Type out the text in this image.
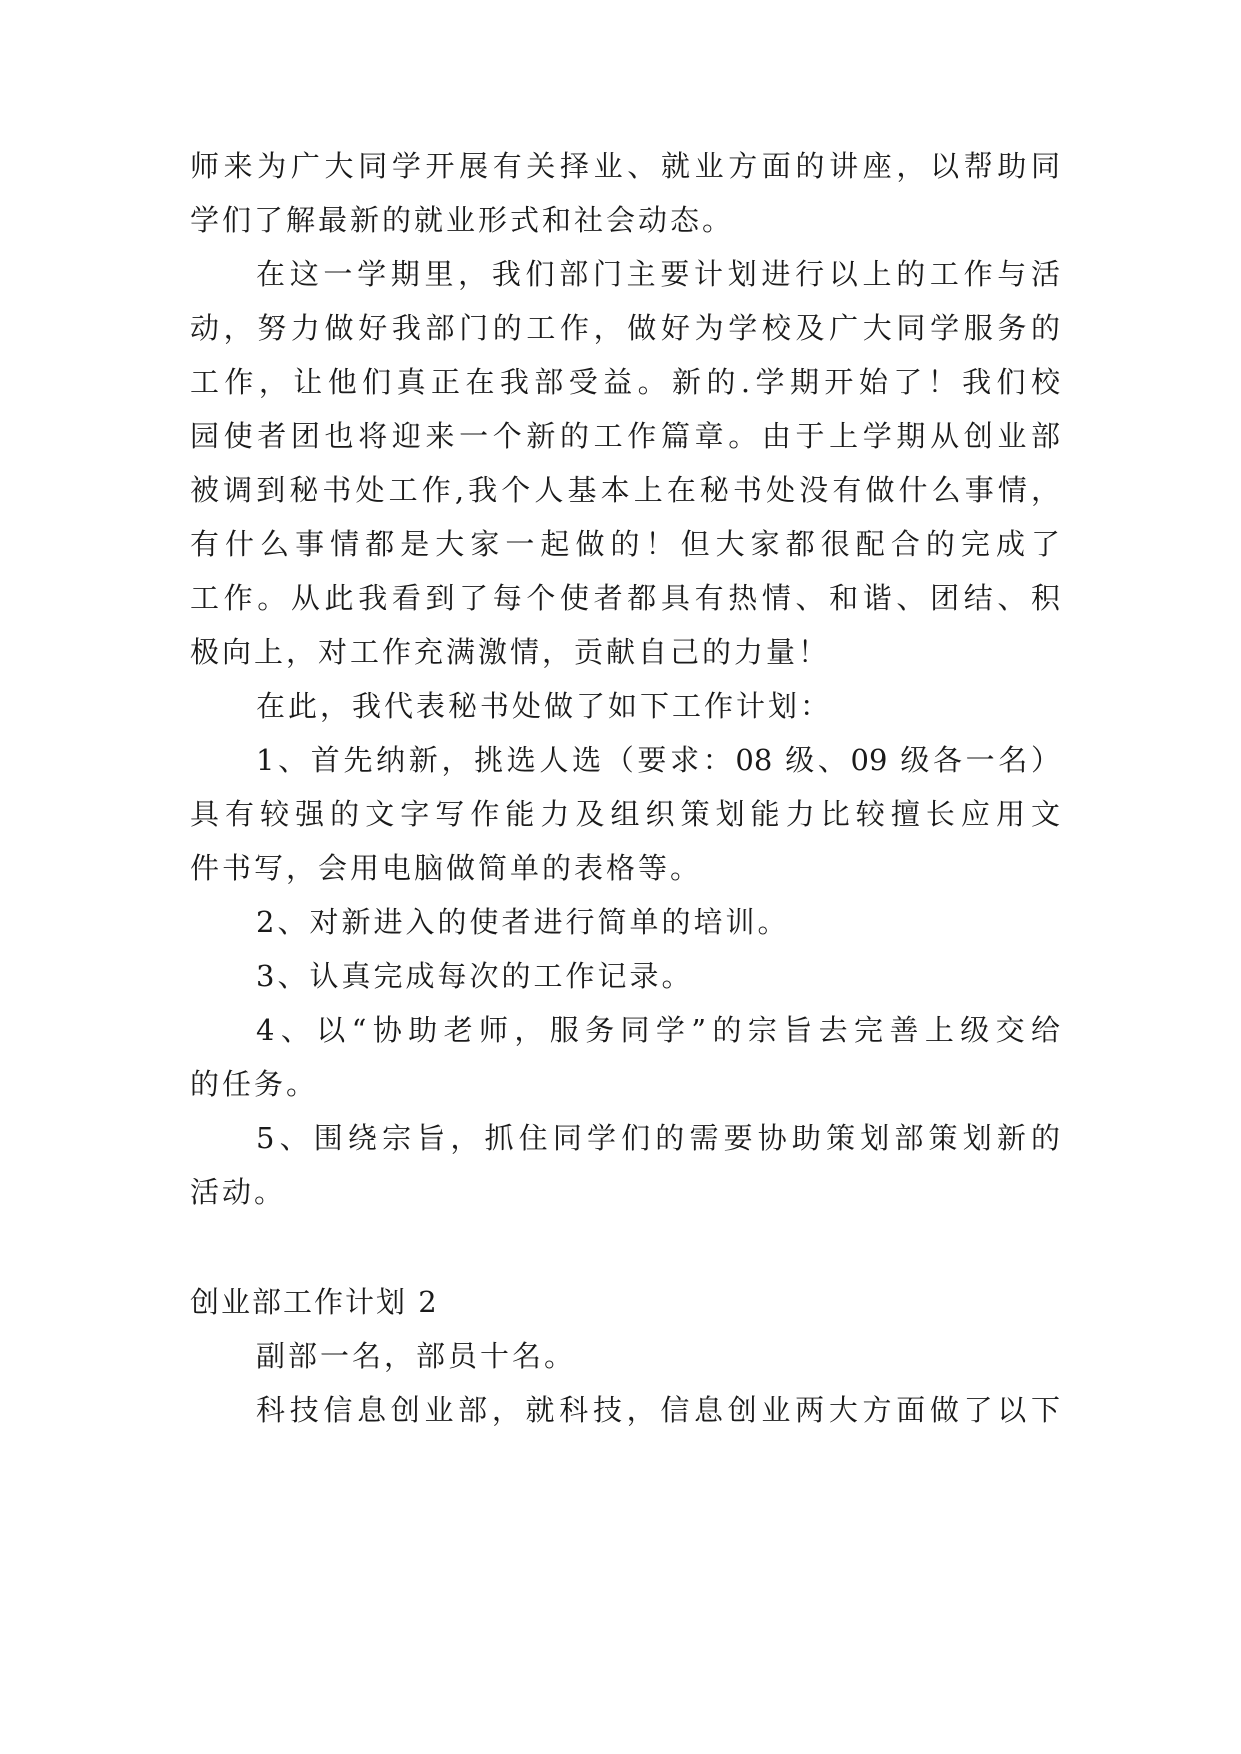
师来为广大同学开展有关择业、就业方面的讲座，以帮助同
学们了解最新的就业形式和社会动态。
在这一学期里，我们部门主要计划进行以上的工作与活
动，努力做好我部门的工作，做好为学校及广大同学服务的
工作，让他们真正在我部受益。新的.学期开始了！我们校
园使者团也将迎来一个新的工作篇章。由于上学期从创业部
被调到秘书处工作,我个人基本上在秘书处没有做什么事情，
有什么事情都是大家一起做的！但大家都很配合的完成了
工作。从此我看到了每个使者都具有热情、和谐、团结、积
极向上，对工作充满激情，贡献自己的力量！
在此，我代表秘书处做了如下工作计划：
1、首先纳新，挑选人选（要求：08 级、09 级各一名）
具有较强的文字写作能力及组织策划能力比较擅长应用文
件书写，会用电脑做简单的表格等。
2、对新进入的使者进行简单的培训。
3、认真完成每次的工作记录。
4、以“协助老师，服务同学”的宗旨去完善上级交给
的任务。
5、围绕宗旨，抓住同学们的需要协助策划部策划新的
活动。
创业部工作计划 2
副部一名，部员十名。
科技信息创业部，就科技，信息创业两大方面做了以下
